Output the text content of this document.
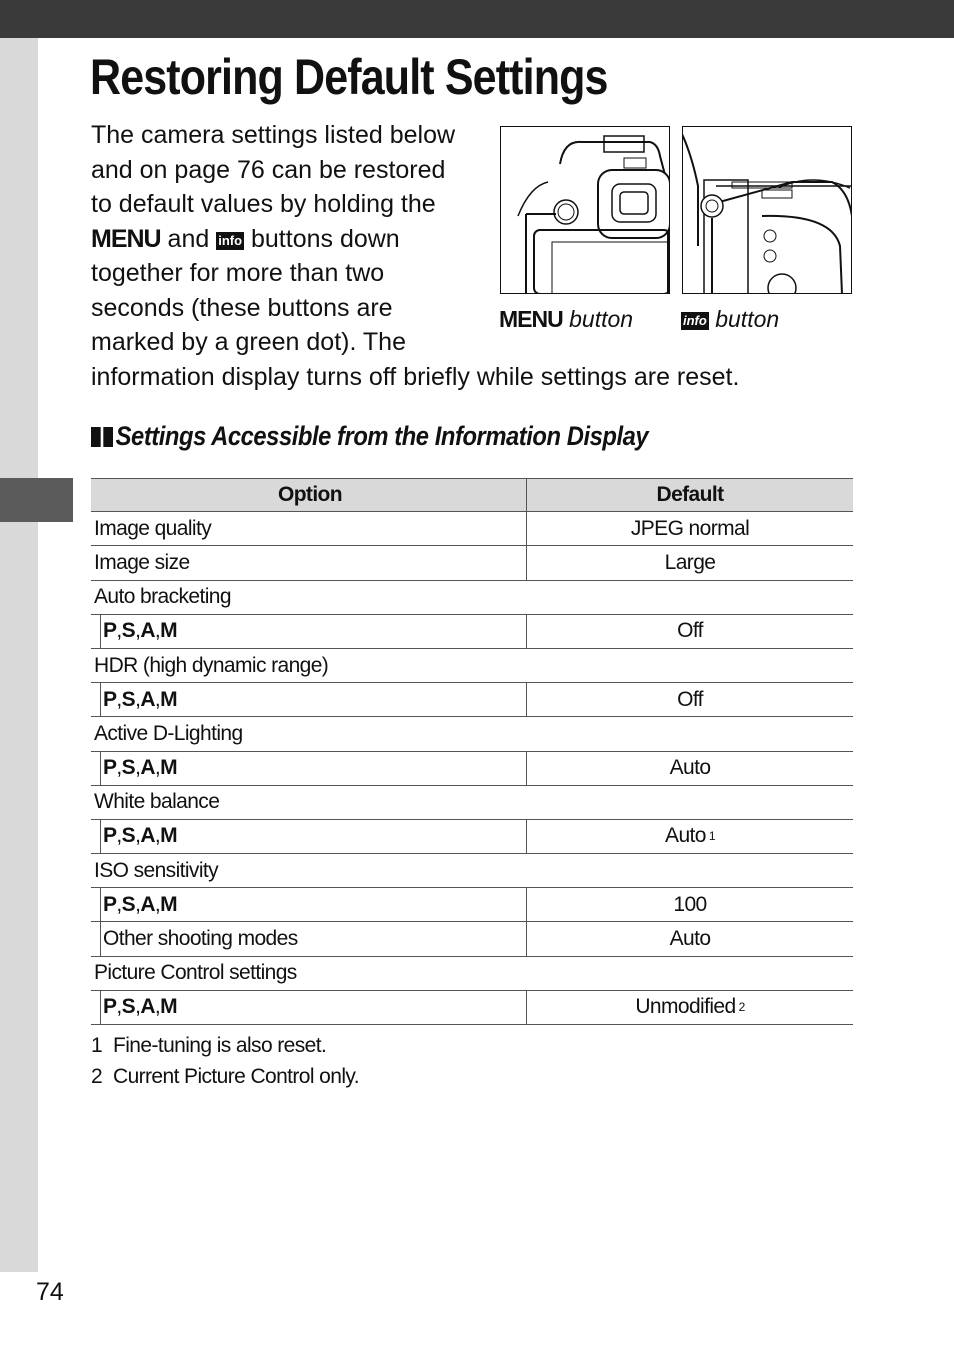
Restoring Default Settings
The camera settings listed below
and on page 76 can be restored
to default values by holding the
MENU and info buttons down
together for more than two
seconds (these buttons are
marked by a green dot). The
information display turns off briefly while settings are reset.
MENU button	info button
Settings Accessible from the Information Display
Option	Default
Image quality	JPEG normal
Image size	Large
Auto bracketing
P , S , A , M	Off
HDR (high dynamic range)
P , S , A , M	Off
Active D-Lighting
P , S , A , M	Auto
White balance
P , S , A , M	Auto 1
ISO sensitivity
P , S , A , M	100
Other shooting modes	Auto
Picture Control settings
P , S , A , M	Unmodified 2
1 Fine-tuning is also reset.
2 Current Picture Control only.
74
